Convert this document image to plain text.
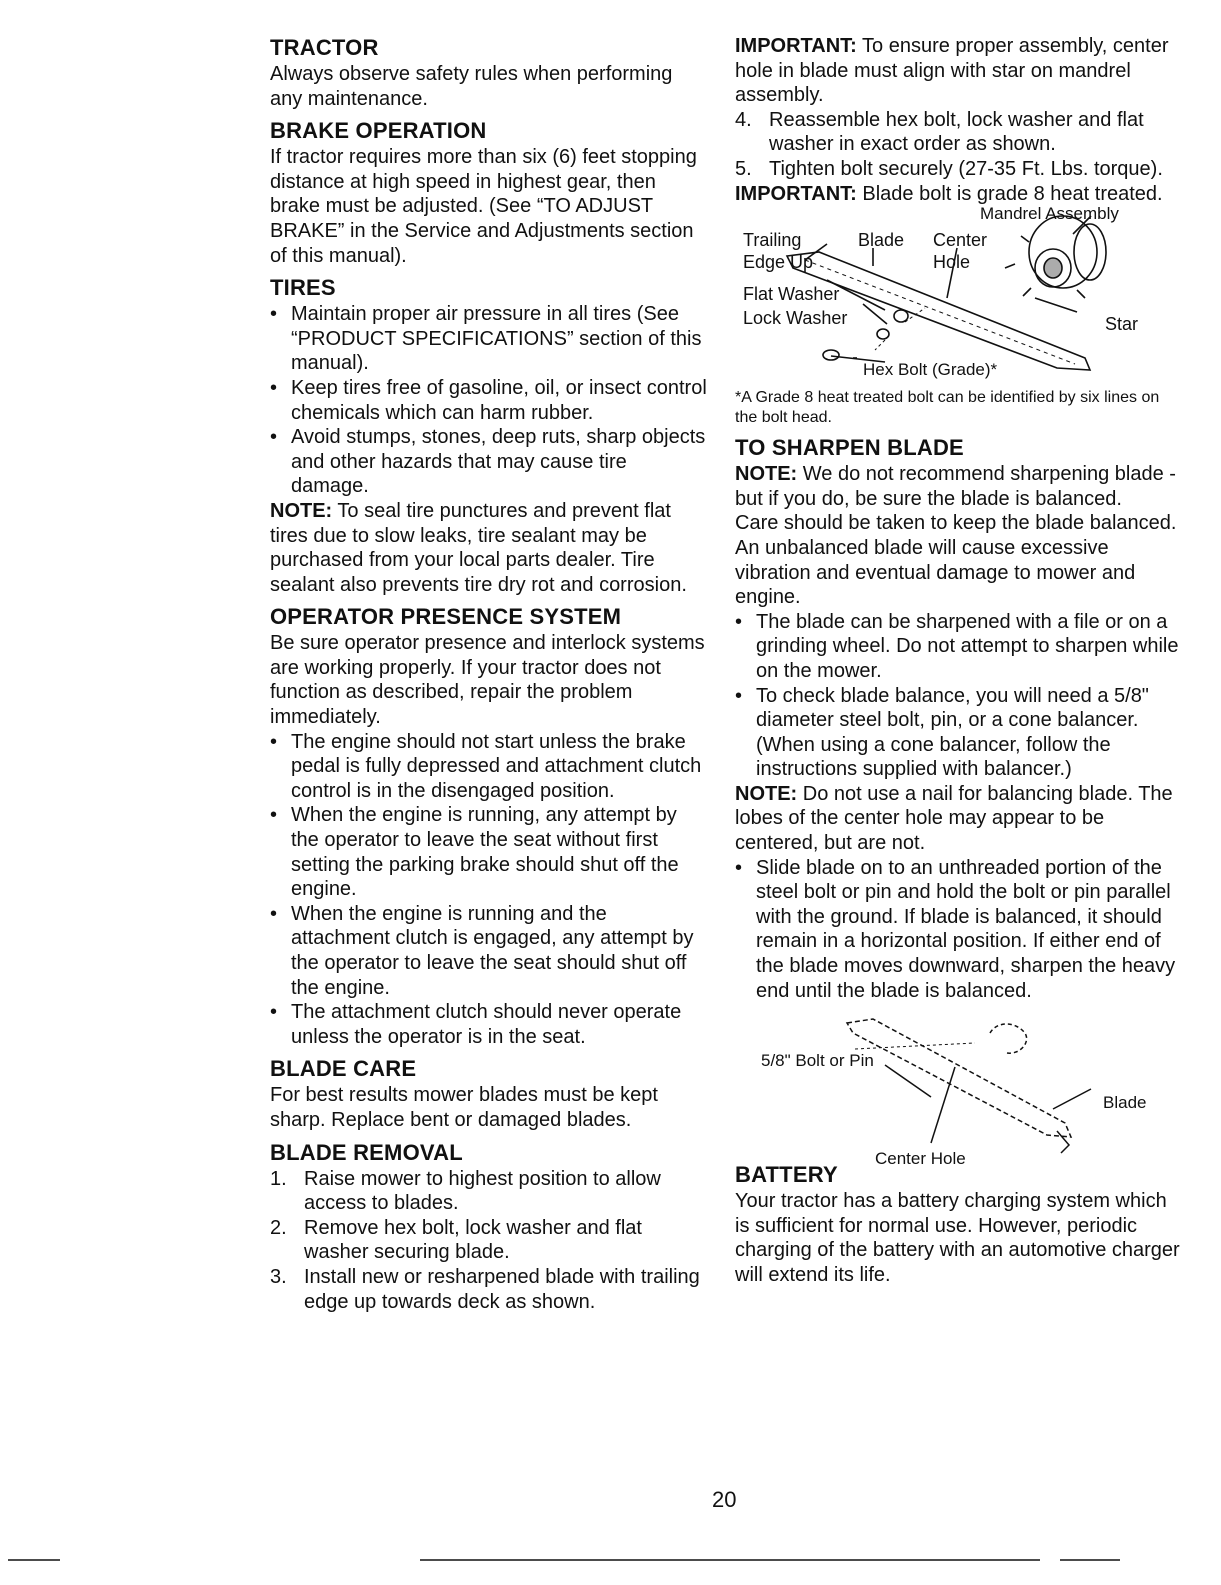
TRACTOR

Always observe safety rules when performing any maintenance.

BRAKE OPERATION

If tractor requires more than six (6) feet stopping distance at high speed in highest gear, then brake must be adjusted. (See “TO ADJUST BRAKE” in the Service and Adjustments section of this manual).

TIRES
• Maintain proper air pressure in all tires (See “PRODUCT SPECIFICATIONS” section of this manual).
• Keep tires free of gasoline, oil, or insect control chemicals which can harm rubber.
• Avoid stumps, stones, deep ruts, sharp objects and other hazards that may cause tire damage.

NOTE: To seal tire punctures and prevent flat tires due to slow leaks, tire sealant may be purchased from your local parts dealer. Tire sealant also prevents tire dry rot and corrosion.

OPERATOR PRESENCE SYSTEM

Be sure operator presence and interlock systems are working properly. If your tractor does not function as described, repair the problem immediately.

• The engine should not start unless the brake pedal is fully depressed and attachment clutch control is in the disengaged position.
• When the engine is running, any attempt by the operator to leave the seat without first setting the parking brake should shut off the engine.
• When the engine is running and the attachment clutch is engaged, any attempt by the operator to leave the seat should shut off the engine.
• The attachment clutch should never operate unless the operator is in the seat.
BLADE CARE

For best results mower blades must be kept sharp. Replace bent or damaged blades.

BLADE REMOVAL
1. Raise mower to highest position to allow access to blades.
2. Remove hex bolt, lock washer and flat washer securing blade.
3. Install new or resharpened blade with trailing edge up towards deck as shown.

IMPORTANT: To ensure proper assembly, center hole in blade must align with star on mandrel assembly.

4. Reassemble hex bolt, lock washer and flat washer in exact order as shown.
5. Tighten bolt securely (27-35 Ft. Lbs. torque).

IMPORTANT: Blade bolt is grade 8 heat treated.

Mandrel Assembly
Trailing
Edge Up
Blade Center
Hole
Flat Washer
Lock Washer	Star
Hex Bolt (Grade)*

*A Grade 8 heat treated bolt can be identified by six lines on the bolt head.

TO SHARPEN BLADE

NOTE: We do not recommend sharpening blade - but if you do, be sure the blade is balanced.

Care should be taken to keep the blade balanced. An unbalanced blade will cause excessive vibration and eventual damage to mower and engine.

• The blade can be sharpened with a file or on a grinding wheel. Do not attempt to sharpen while on the mower.
• To check blade balance, you will need a 5/8" diameter steel bolt, pin, or a cone balancer. (When using a cone balancer, follow the instructions supplied with balancer.)

NOTE: Do not use a nail for balancing blade. The lobes of the center hole may appear to be centered, but are not.

• Slide blade on to an unthreaded portion of the steel bolt or pin and hold the bolt or pin parallel with the ground. If blade is balanced, it should remain in a horizontal position. If either end of the blade moves downward, sharpen the heavy end until the blade is balanced.
5/8" Bolt or Pin
Blade
BATTERY
Center Hole

Your tractor has a battery charging system which is sufficient for normal use. However, periodic charging of the battery with an automotive charger will extend its life.

20
